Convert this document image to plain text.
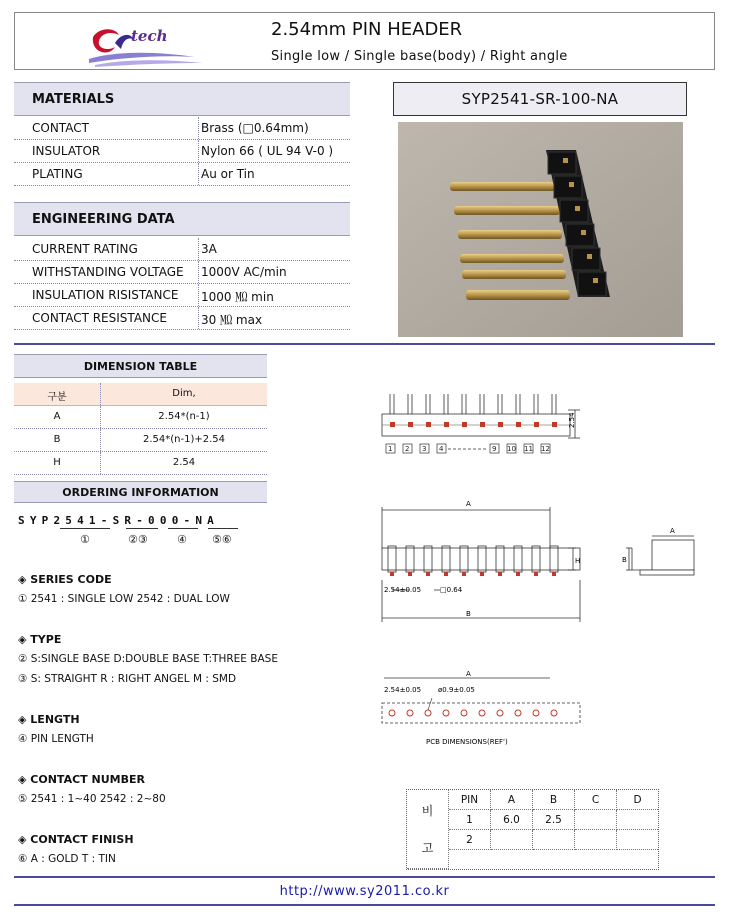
tech	2.54mm PIN HEADER
Single low / Single base(body) / Right angle
MATERIALS
CONTACT	Brass (□0.64mm)
INSULATOR	Nylon 66 ( UL 94 V-0 )
PLATING	Au or Tin
ENGINEERING DATA
CURRENT RATING	3A
WITHSTANDING VOLTAGE 1000V AC/min
INSULATION RISISTANCE 1000 ㏁ min
CONTACT RESISTANCE	30 ㏁ max
SYP2541-SR-100-NA
DIMENSION TABLE
구분	Dim,
A	2.54*(n-1)
B	2.54*(n-1)+2.54
H	2.54
ORDERING INFORMATION
SYP2541-SR-000-NA
①	②③	④ ⑤⑥
◈ SERIES CODE
① 2541 : SINGLE LOW 2542 : DUAL LOW
◈ TYPE
② S:SINGLE BASE D:DOUBLE BASE T:THREE BASE
③ S: STRAIGHT R : RIGHT ANGEL M : SMD
◈ LENGTH
④ PIN LENGTH
◈ CONTACT NUMBER
⑤ 2541 : 1~40 2542 : 2~80
◈ CONTACT FINISH
⑥ A : GOLD T : TIN
2.54
1 2 3 4	9 10 11 12
A
H
2.54±0.05	□0.64
B
A
B
A
2.54±0.05 ø0.9±0.05
PCB DIMENSIONS(REF')
비
고
PIN	A	B	C	D
1	6.0	2.5
2
http://www.sy2011.co.kr
